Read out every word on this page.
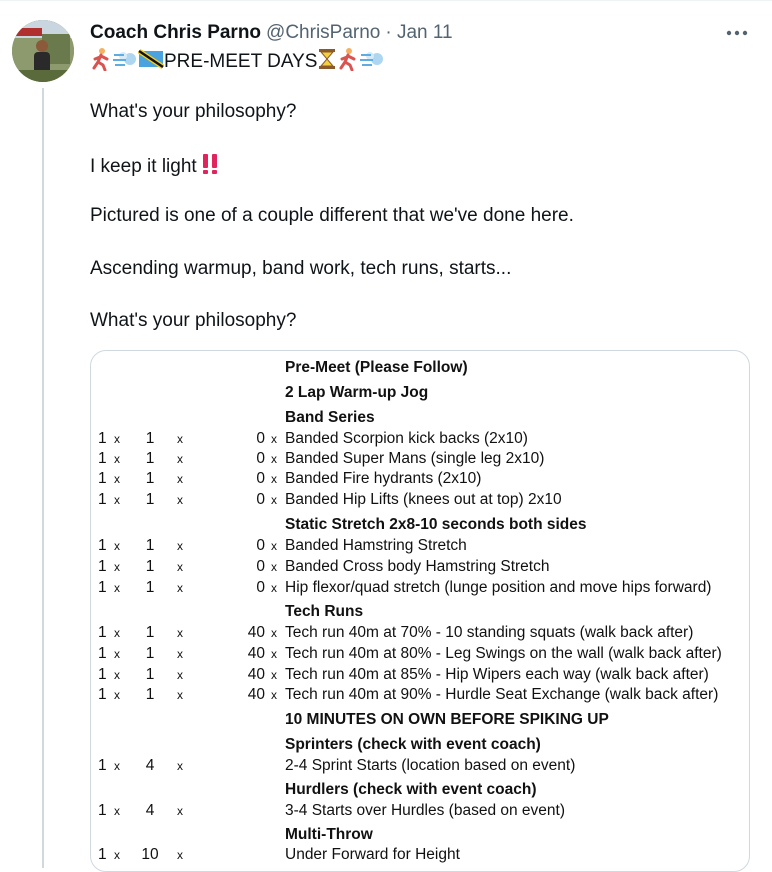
Coach Chris Parno @ChrisParno · Jan 11
PRE-MEET DAYS
What's your philosophy?
I keep it light
Pictured is one of a couple different that we've done here.
Ascending warmup, band work, tech runs, starts...
What's your philosophy?
Pre-Meet (Please Follow)
2 Lap Warm-up Jog
Band Series
1 x	1	x	0 x Banded Scorpion kick backs (2x10)
1 x	1	x	0 x Banded Super Mans (single leg 2x10)
1 x	1	x	0 x Banded Fire hydrants (2x10)
1 x	1	x	0 x Banded Hip Lifts (knees out at top) 2x10
Static Stretch 2x8-10 seconds both sides
1 x	1	x	0 x Banded Hamstring Stretch
1 x	1	x	0 x Banded Cross body Hamstring Stretch
1 x	1	x	0 x Hip flexor/quad stretch (lunge position and move hips forward)
Tech Runs
1 x	1	x	40 x Tech run 40m at 70% - 10 standing squats (walk back after)
1 x	1	x	40 x Tech run 40m at 80% - Leg Swings on the wall (walk back after)
1 x	1	x	40 x Tech run 40m at 85% - Hip Wipers each way (walk back after)
1 x	1	x	40 x Tech run 40m at 90% - Hurdle Seat Exchange (walk back after)
10 MINUTES ON OWN BEFORE SPIKING UP
Sprinters (check with event coach)
1 x	4	x	2-4 Sprint Starts (location based on event)
Hurdlers (check with event coach)
1 x	4	x	3-4 Starts over Hurdles (based on event)
Multi-Throw
1 x 10 x	Under Forward for Height
